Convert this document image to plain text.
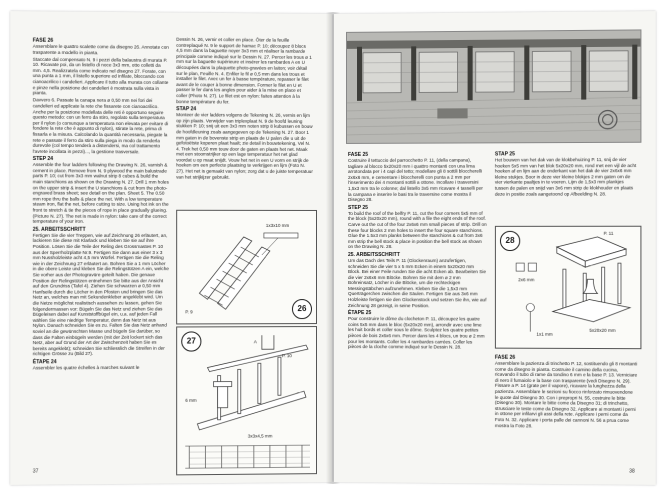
FASE 26

Assemblare le quattro scalette come da disegno 26. Annotate con trasparente a modello in pianta.

Staccate dal compensato N. 9 i pezzi della balaustra di murata P. 10. Ricavate poi, da un listello di noce 3x3 mm, otto colletti da mm. 4,5. Realizzatela come indicato nel disegno 27. Forate, con una punta a 1 mm, il listello superiore ed infilate, bloccando con cianoacrilico i candelieri. Applicare il tutto alla murata con collante e pinze nella posizione dei candelieri è mostrata sulla vista in pianta.

Davvero 6. Passate la canapa nera ø 0,50 mm nei fori dei candelieri ed applicate la rete che fissarete con cianoacrilico. Anche per la posizione modellata delle reti è opportuno seguire questo metodo: con un ferro da stiro, regolato sulla temperatura per il nylon (o comunque a temperatura non elevata per evitare di fondere la rete che è appunto di nylon), stirate la rete, prima di fissarla e la misura. Calcolando la quantità necessaria, piegate la rete e passate il ferro da stiro sulla piega in modo da renderla durevole (col tempo tenderà a distendersi, ma col trattamento l'avrete incollata in pezzi)..., la gestione trasversale.

STEP 24

Assemble the four ladders following the Drawing N. 26, varnish & cement in place. Remove from N. 9 plywood the main balustrade parts P. 10; cut from 3x3 mm walnut strip 8 cubes & build the main stanchions as shown on the Drawing N. 27. Drill 1 mm holes on the upper strip & insert the U stanchions & cut from the photo-engraved brass sheet; see detail on the plan. Sheet 5. The 0.50 mm rope thru the balls & place the net. With a low temperature steam iron, flat the net, before cutting to size. Using hot ink on the front to stretch & tie the pieces of rope in place gradually glueing. (Picture N. 27). The net is made in nylon: take care of the correct temperature of your iron.

25. ARBEITSSCHRITT

Fertigen Sie die vier Treppen, wie auf Zeichnung 26 erläutert, an, lackieren Sie diese mit Klarlack und kleben Sie sie auf ihre Position. Lösen Sie die Teile der Reling des Grossmastes P. 10 aus der Sperrholzplatte Nr.9. Fertigen Sie dann aus einer 3 x 3 mm Nussholzleiste acht 4,5 mm Würfel. Fertigen Sie die Reling wie in der Zeichnung 27 erläutert an. Bohren Sie a 1 mm Löcher in die obere Leiste und kleben Sie die Relingstützen A ein, welche Sie vorher aus der Photogravüre geteilt haben. Die genaue Position der Relingstützen entnehmen Sie bitte aus der Ansicht auf den Grundriss (Tafel 4). Ziehen Sie schwarzen ø 0,50 mm Hanfseile durch die Löcher in den Pfosten und bringen Sie das Netz an, welches man mit Sekundenkleber angeklebt wird. Um die Netze möglichst realistisch aussehen zu lassen, gehen Sie folgendermassen vor: Bügeln Sie das Netz und ziehen Sie das Bügeleisen dabei auf Kunststoffbügel ein, u.a. auf jeden Fall wählen Sie eine niedrige Temperatur, denn das Netz ist aus Nylon. Danach schneiden Sie es zu. Falten Sie das Netz anhand soviel an die gewünschten Masse und bügeln Sie darüber, so dass die Falten einbügeln werden (mit der Zeit lockert sich das Netz, aber auf Grund der Art der Zwischenzeit haben Sie es bereits angeklebt); schneiden Sie schliesslich die Streifen in der richtigen Grösse zu (Bild 27).

ÉTAPE 24

Assembler les quatre échelles à marches suivant le

37

Dessin N. 26, vernir et coller en place. Ôter de la feuille contreplaqué N. 9 le support de hamac P. 10; découpez 8 blocs 4,5 mm dans la baguette noyer 3x3 mm et réaliser la rambarde principale comme indiqué sur le Dessin N. 27. Percer les trous ø 1 mm sur la baguette supérieure et insérer les rambardes A en U découpées dans la plaquette photo-gravées en laiton; voir détail sur le plan, Feuille N. 4. Enfiler le fil ø 0,5 mm dans les trous et installer le filet. Avec un fer à basse température, repasser le filet avant de le couper à bonne dimension. Former le filet en U et passer le fer dans les angles pour aider à la mise en place et coller (Photo N. 27). Le filet est en nylon: faites attention à la bonne température du fer.

STAP 24

Monteer de vier ladders volgens de Tekening N. 26, vernis en lijm op zijn plaats. Verwijder van triplexplaat N. 9 de hoofd leuning stukken P. 10; snij uit een 3x3 mm noten strip 8 kubussen en bouw de hoofdleuning zoals aangegeven op de Tekening N. 27. Boor 1 mm gaten in de bovenste strip en plaats de U palen die u uit de gefotoëtste koperen plaat haalt; zie detail in bouwtekening, Vel N. 4. Trek het 0,50 mm touw door de gaten en plaats het net. Maak met een stoomstrijker op een lage temperatuur het net glad voordat u op maat snijdt. Vouw het net in een U vorm en strijk de hoeken om een perfecte plaatsing te verkrijgen en lijm (Foto N. 27). Het net is gemaakt van nylon; zorg dat u de juiste temperatuur van het strijkijzer gebruikt.

1x3x10 mm
P. 9	26
27	A
P. 10
6 mm
3x3x4,5 mm
FASE 25

Costruire il tettuccio del parrocchetto P. 11, (della campana), tagliare al blocco 5x20x20 mm i quattro montanti con una lima arrotondata per i 4 capi del tetto; modellare gli 8 sottili bloccherelli 2x6x6 mm, e cementare i bloccherelli con punta a 2 mm per l'inserimento dei 4 montanti sottili a ottone. Incollare i trasversini 1,5x3 mm tra le colonne; dal listello 3x5 mm ricavare 4 tasselli per la campana e inserire le basi tra le traversine come mostra il Disegno 28.

STEP 25

To build the roof of the belfry P. 11, cut the four corners 5x5 mm of the block (5x20x20 mm), round with a file the eight ends of the roof. Carve out the cut of the four 2x6x6 mm small pieces of strip. Drill on these four blocks 2 mm holes to insert the four square stanchions. Glue the 1.5x3 mm planks between the stanchions & cut from 3x6 mm strip the bell stock & place in position the bell stock as shown on the Drawing N. 28.

25. ARBEITSSCHRITT

Um das Dach des Teils P. 11 (Glockenraum) anzufertigen, schneiden Sie die vier 5 x 5 mm Ecken in einem 5x20x20 mm Block. Bei einer Feile runden Sie die acht Ecken ab. Bearbeiten Sie die vier 2x6x6 mm Blöcke. Bohren Sie mit dem ø 2 mm Bohreinsatz, Löcher in die Blöcke, um die rechteckigen Messingstäbchen aufzunehmen. Kleben Sie die 1,5x3 mm Querträgerchen zwischen die Säulen. Fertigen Sie aus 3x6 mm Holzleiste fertigen sie den Glockenstock und setzen Sie ihn, wie auf Zeichnung 28 gezeigt, in seine Position.

ÉTAPE 25

Pour construire le dôme du clocheton P. 11, découpez les quatre coins 5x5 mm dans le bloc (5x20x20 mm), arrondir avec une lime les huit bords et coller sous le dôme. Sculptez les quatre petites pièces de bois 2x6x6 mm. Percer dans les 4 blocs, un trou ø 2 mm pour les montants. Coller les 4 rambardes carrées. Coller les pièces de la cloche comme indiqué sur le Dessin N. 28.

STAP 25

Het bouwen van het dak van de klokbehuizing P. 11, snij de vier hoeken 5x5 mm van het blok 5x20x20 mm, rond met een vijl de acht hoeken af en lijm aan de onderkant van het dak de vier 2x6x6 mm kleine stukjes. Boor in deze vier kleine blokjes 2 mm gaten om de vier vierkante paaltjes in te voeren. Lijm de 1,5x3 mm plankjes tussen de palen en snijd van 3x6 mm strip de klokhouder en plaats deze in positie zoals aangetoond op Afbeelding N. 28.

28
2x6 mm
1x1 mm
P. 11
5x20x20 mm
FASE 26

Assemblare la pazienza di trinchetto P. 12, sostituendo gli 8 montanti come da disegno in pianta. Costruire il camino della cucina, ricavando il tubo di rame da tondino 6 mm e la base P. 13. Verniciare di nero il fumaiolo e la base con trasparente (vedi Disegno N. 29). Fissare a P. 14 (grate per il vapore), ricavare la lunghezza della pazienza. Assemblare le sezioni su fiocco rinforzato rimuovendone le quote dal Disegno 30. Con i prepropri N. 55, costruire le bitte (Disegno 30). Montare le bitte come da Disegno 31; di trinchetto, strusciare le teste come da Disegno 32. Applicare ai montanti i perni in ottone per infilarvi gli assi della rete. Applicare i perni come da Foto N. 32. Applicare i porta palle dei cannoni N. 56 a prua come mostra la Foto 28.

38
